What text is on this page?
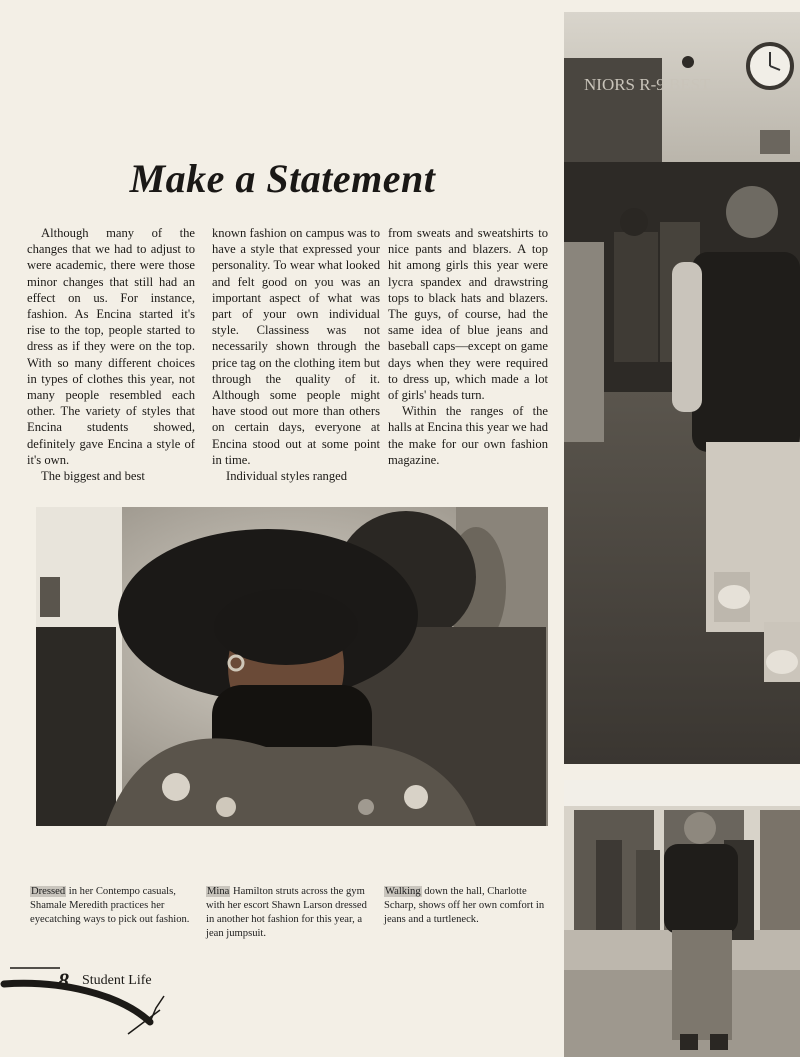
NIORS R-9 BEST
Make a Statement

Although many of the changes that we had to adjust to were academic, there were those minor changes that still had an effect on us. For instance, fashion. As Encina started it's rise to the top, people started to dress as if they were on the top. With so many different choices in types of clothes this year, not many people resembled each other. The variety of styles that Encina students showed, definitely gave Encina a style of it's own.

The biggest and best

known fashion on campus was to have a style that expressed your personality. To wear what looked and felt good on you was an important aspect of what was part of your own individual style. Classiness was not necessarily shown through the price tag on the clothing item but through the quality of it. Although some people might have stood out more than others on certain days, everyone at Encina stood out at some point in time.

Individual styles ranged

from sweats and sweatshirts to nice pants and blazers. A top hit among girls this year were lycra spandex and drawstring tops to black hats and blazers. The guys, of course, had the same idea of blue jeans and baseball caps—except on game days when they were required to dress up, which made a lot of girls' heads turn.

Within the ranges of the halls at Encina this year we had the make for our own fashion magazine.

Dressed in her Contempo casuals, Shamale Meredith practices her eyecatching ways to pick out fashion.

Mina Hamilton struts across the gym with her escort Shawn Larson dressed in another hot fashion for this year, a jean jumpsuit.

Walking down the hall, Charlotte Scharp, shows off her own comfort in jeans and a turtleneck.

8 Student Life
